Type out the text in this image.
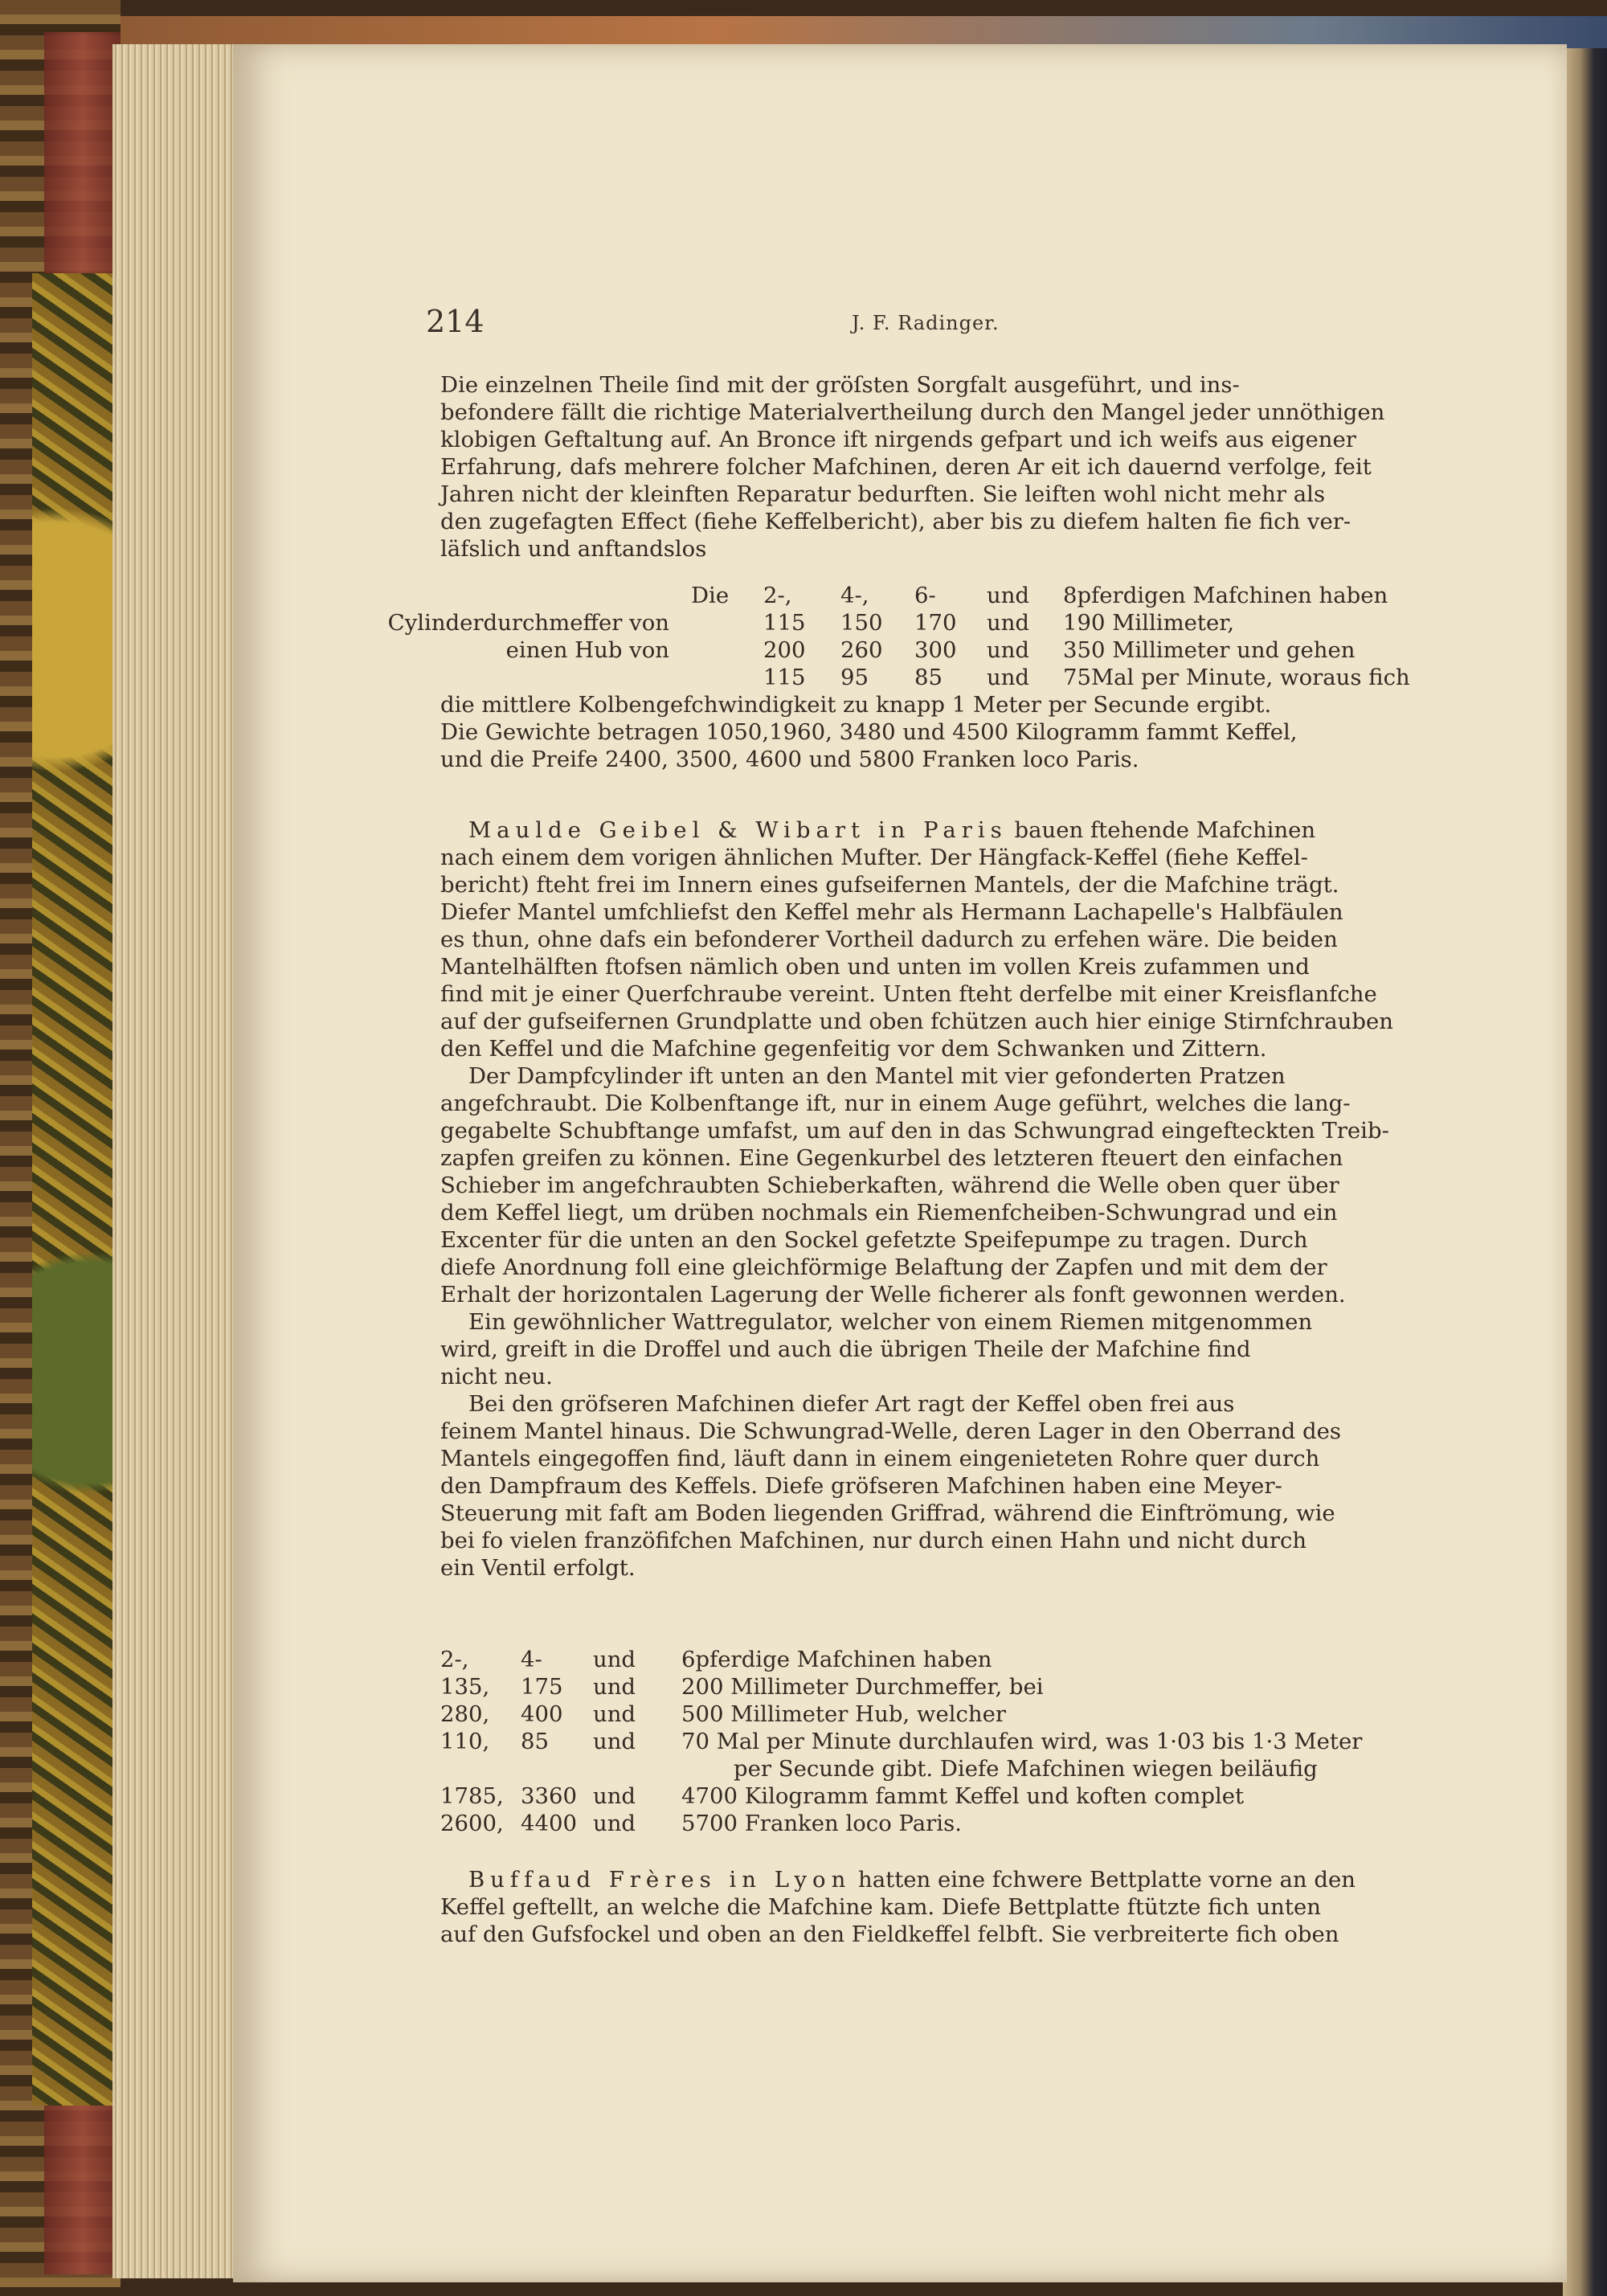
214	J. F. Radinger.
Die einzelnen Theile ſind mit der gröſsten Sorgfalt ausgeführt, und ins-
befondere fällt die richtige Materialvertheilung durch den Mangel jeder unnöthigen
klobigen Geftaltung auf. An Bronce ift nirgends gefpart und ich weifs aus eigener
Erfahrung, dafs mehrere folcher Mafchinen, deren Ar eit ich dauernd verfolge, feit
Jahren nicht der kleinften Reparatur bedurften. Sie leiften wohl nicht mehr als
den zugefagten Effect (fiehe Keffelbericht), aber bis zu diefem halten fie fich ver-
läfslich und anftandslos
Die 2-, 4-, 6- und 8pferdigen Mafchinen haben
Cylinderdurchmeffer von	115 150 170 und 190 Millimeter,
einen Hub von	200 260 300 und 350 Millimeter und gehen
115 95 85 und 75Mal per Minute, woraus fich
die mittlere Kolbengefchwindigkeit zu knapp 1 Meter per Secunde ergibt.
Die Gewichte betragen 1050,1960, 3480 und 4500 Kilogramm fammt Keffel,
und die Preife 2400, 3500, 4600 und 5800 Franken loco Paris.
Maulde Geibel & Wibart in Paris bauen ftehende Mafchinen
nach einem dem vorigen ähnlichen Mufter. Der Hängfack-Keffel (fiehe Keffel-
bericht) fteht frei im Innern eines gufseifernen Mantels, der die Mafchine trägt.
Diefer Mantel umfchliefst den Keffel mehr als Hermann Lachapelle's Halbfäulen
es thun, ohne dafs ein befonderer Vortheil dadurch zu erfehen wäre. Die beiden
Mantelhälften ftofsen nämlich oben und unten im vollen Kreis zufammen und
find mit je einer Querfchraube vereint. Unten fteht derfelbe mit einer Kreisflanfche
auf der gufseifernen Grundplatte und oben fchützen auch hier einige Stirnfchrauben
den Keffel und die Mafchine gegenfeitig vor dem Schwanken und Zittern.
Der Dampfcylinder ift unten an den Mantel mit vier gefonderten Pratzen
angefchraubt. Die Kolbenftange ift, nur in einem Auge geführt, welches die lang-
gegabelte Schubftange umfafst, um auf den in das Schwungrad eingefteckten Treib-
zapfen greifen zu können. Eine Gegenkurbel des letzteren fteuert den einfachen
Schieber im angefchraubten Schieberkaften, während die Welle oben quer über
dem Keffel liegt, um drüben nochmals ein Riemenfcheiben-Schwungrad und ein
Excenter für die unten an den Sockel gefetzte Speifepumpe zu tragen. Durch
diefe Anordnung foll eine gleichförmige Belaftung der Zapfen und mit dem der
Erhalt der horizontalen Lagerung der Welle ficherer als fonft gewonnen werden.
Ein gewöhnlicher Wattregulator, welcher von einem Riemen mitgenommen
wird, greift in die Droffel und auch die übrigen Theile der Mafchine find
nicht neu.
Bei den gröfseren Mafchinen diefer Art ragt der Keffel oben frei aus
feinem Mantel hinaus. Die Schwungrad-Welle, deren Lager in den Oberrand des
Mantels eingegoffen find, läuft dann in einem eingenieteten Rohre quer durch
den Dampfraum des Keffels. Diefe gröfseren Mafchinen haben eine Meyer-
Steuerung mit faft am Boden liegenden Griffrad, während die Einftrömung, wie
bei fo vielen franzöfifchen Mafchinen, nur durch einen Hahn und nicht durch
ein Ventil erfolgt.
2-, 4- und 6pferdige Mafchinen haben
135, 175 und 200 Millimeter Durchmeffer, bei
280, 400 und 500 Millimeter Hub, welcher
110, 85 und 70 Mal per Minute durchlaufen wird, was 1·03 bis 1·3 Meter
per Secunde gibt. Diefe Mafchinen wiegen beiläufig
1785, 3360 und 4700 Kilogramm fammt Keffel und koften complet
2600, 4400 und 5700 Franken loco Paris.
Buffaud Frères in Lyon hatten eine fchwere Bettplatte vorne an den
Keffel geftellt, an welche die Mafchine kam. Diefe Bettplatte ftützte fich unten
auf den Gufsfockel und oben an den Fieldkeffel felbft. Sie verbreiterte fich oben
